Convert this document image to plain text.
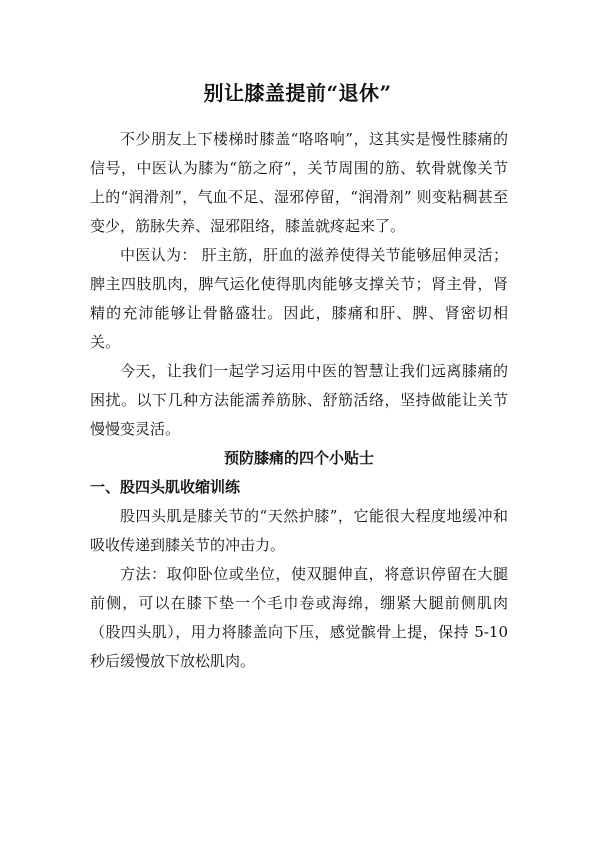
别让膝盖提前“退休”

不少朋友上下楼梯时膝盖“咯咯响”，这其实是慢性膝痛的信号，中医认为膝为“筋之府”，关节周围的筋、软骨就像关节上的“润滑剂”，气血不足、湿邪停留，“润滑剂” 则变粘稠甚至变少，筋脉失养、湿邪阻络，膝盖就疼起来了。

中医认为： 肝主筋，肝血的滋养使得关节能够屈伸灵活；脾主四肢肌肉，脾气运化使得肌肉能够支撑关节；肾主骨，肾精的充沛能够让骨骼盛壮。因此，膝痛和肝、脾、肾密切相关。

今天，让我们一起学习运用中医的智慧让我们远离膝痛的困扰。以下几种方法能濡养筋脉、舒筋活络，坚持做能让关节慢慢变灵活。

预防膝痛的四个小贴士

一、股四头肌收缩训练

股四头肌是膝关节的“天然护膝”，它能很大程度地缓冲和吸收传递到膝关节的冲击力。

方法：取仰卧位或坐位，使双腿伸直，将意识停留在大腿前侧，可以在膝下垫一个毛巾卷或海绵，绷紧大腿前侧肌肉（股四头肌），用力将膝盖向下压，感觉髌骨上提，保持 5-10 秒后缓慢放下放松肌肉。
